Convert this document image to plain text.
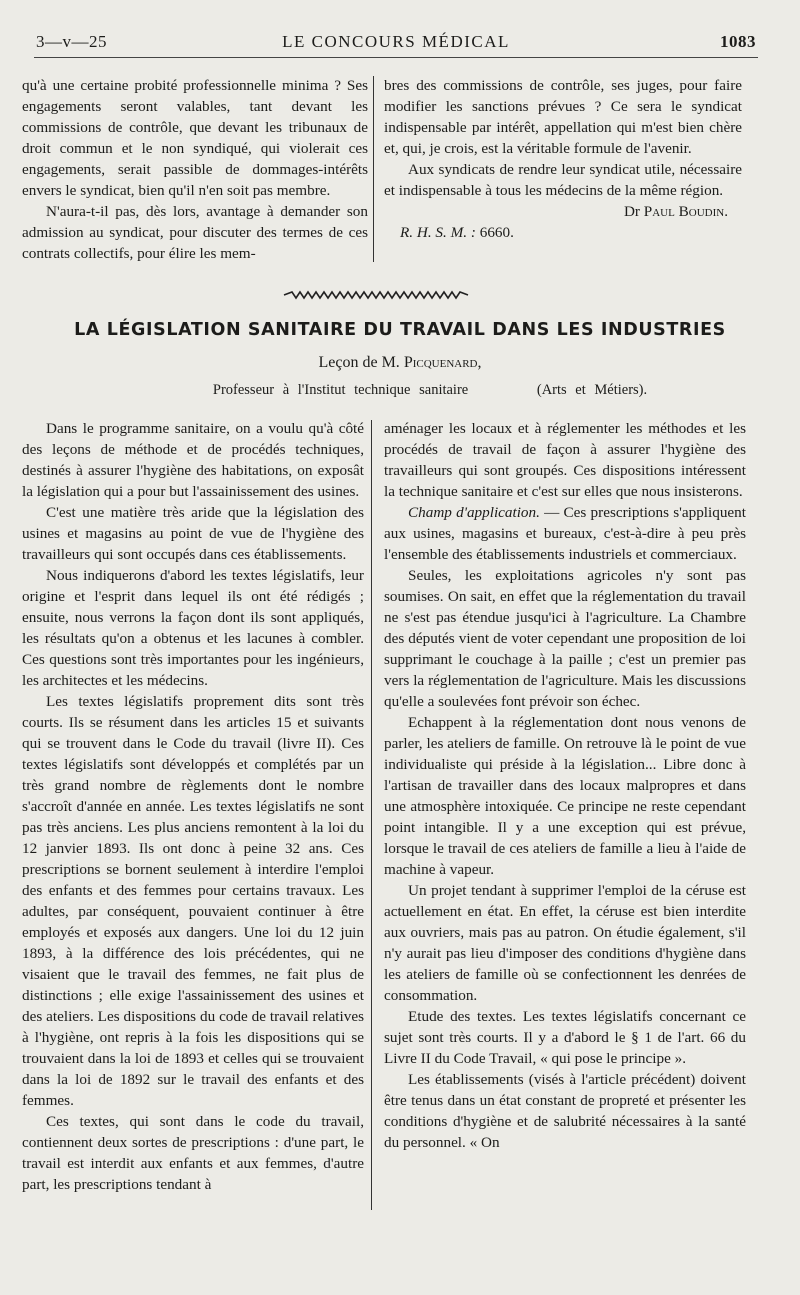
3—v—25	LE CONCOURS MÉDICAL	1083

qu'à une certaine probité professionnelle minima ? Ses engagements seront valables, tant devant les commissions de contrôle, que devant les tribunaux de droit commun et le non syndiqué, qui violerait ces engagements, serait passible de dommages-intérêts envers le syndicat, bien qu'il n'en soit pas membre.

N'aura-t-il pas, dès lors, avantage à demander son admission au syndicat, pour discuter des termes de ces contrats collectifs, pour élire les mem-

bres des commissions de contrôle, ses juges, pour faire modifier les sanctions prévues ? Ce sera le syndicat indispensable par intérêt, appellation qui m'est bien chère et, qui, je crois, est la véritable formule de l'avenir.

Aux syndicats de rendre leur syndicat utile, nécessaire et indispensable à tous les médecins de la même région.

Dr Paul Boudin.

R. H. S. M. : 6660.

LA LÉGISLATION SANITAIRE DU TRAVAIL DANS LES INDUSTRIES
Leçon de M. Picquenard,
Professeur à l'Institut technique sanitaire	(Arts et Métiers).

Dans le programme sanitaire, on a voulu qu'à côté des leçons de méthode et de procédés techniques, destinés à assurer l'hygiène des habitations, on exposât la législation qui a pour but l'assainissement des usines.

C'est une matière très aride que la législation des usines et magasins au point de vue de l'hygiène des travailleurs qui sont occupés dans ces établissements.

Nous indiquerons d'abord les textes législatifs, leur origine et l'esprit dans lequel ils ont été rédigés ; ensuite, nous verrons la façon dont ils sont appliqués, les résultats qu'on a obtenus et les lacunes à combler. Ces questions sont très importantes pour les ingénieurs, les architectes et les médecins.

Les textes législatifs proprement dits sont très courts. Ils se résument dans les articles 15 et suivants qui se trouvent dans le Code du travail (livre II). Ces textes législatifs sont développés et complétés par un très grand nombre de règlements dont le nombre s'accroît d'année en année. Les textes législatifs ne sont pas très anciens. Les plus anciens remontent à la loi du 12 janvier 1893. Ils ont donc à peine 32 ans. Ces prescriptions se bornent seulement à interdire l'emploi des enfants et des femmes pour certains travaux. Les adultes, par conséquent, pouvaient continuer à être employés et exposés aux dangers. Une loi du 12 juin 1893, à la différence des lois précédentes, qui ne visaient que le travail des femmes, ne fait plus de distinctions ; elle exige l'assainissement des usines et des ateliers. Les dispositions du code de travail relatives à l'hygiène, ont repris à la fois les dispositions qui se trouvaient dans la loi de 1893 et celles qui se trouvaient dans la loi de 1892 sur le travail des enfants et des femmes.

Ces textes, qui sont dans le code du travail, contiennent deux sortes de prescriptions : d'une part, le travail est interdit aux enfants et aux femmes, d'autre part, les prescriptions tendant à

aménager les locaux et à réglementer les méthodes et les procédés de travail de façon à assurer l'hygiène des travailleurs qui sont groupés. Ces dispositions intéressent la technique sanitaire et c'est sur elles que nous insisterons.

Champ d'application. — Ces prescriptions s'appliquent aux usines, magasins et bureaux, c'est-à-dire à peu près l'ensemble des établissements industriels et commerciaux.

Seules, les exploitations agricoles n'y sont pas soumises. On sait, en effet que la réglementation du travail ne s'est pas étendue jusqu'ici à l'agriculture. La Chambre des députés vient de voter cependant une proposition de loi supprimant le couchage à la paille ; c'est un premier pas vers la réglementation de l'agriculture. Mais les discussions qu'elle a soulevées font prévoir son échec.

Echappent à la réglementation dont nous venons de parler, les ateliers de famille. On retrouve là le point de vue individualiste qui préside à la législation... Libre donc à l'artisan de travailler dans des locaux malpropres et dans une atmosphère intoxiquée. Ce principe ne reste cependant point intangible. Il y a une exception qui est prévue, lorsque le travail de ces ateliers de famille a lieu à l'aide de machine à vapeur.

Un projet tendant à supprimer l'emploi de la céruse est actuellement en état. En effet, la céruse est bien interdite aux ouvriers, mais pas au patron. On étudie également, s'il n'y aurait pas lieu d'imposer des conditions d'hygiène dans les ateliers de famille où se confectionnent les denrées de consommation.

Etude des textes. Les textes législatifs concernant ce sujet sont très courts. Il y a d'abord le § 1 de l'art. 66 du Livre II du Code Travail, « qui pose le principe ».

Les établissements (visés à l'article précédent) doivent être tenus dans un état constant de propreté et présenter les conditions d'hygiène et de salubrité nécessaires à la santé du personnel. « On
